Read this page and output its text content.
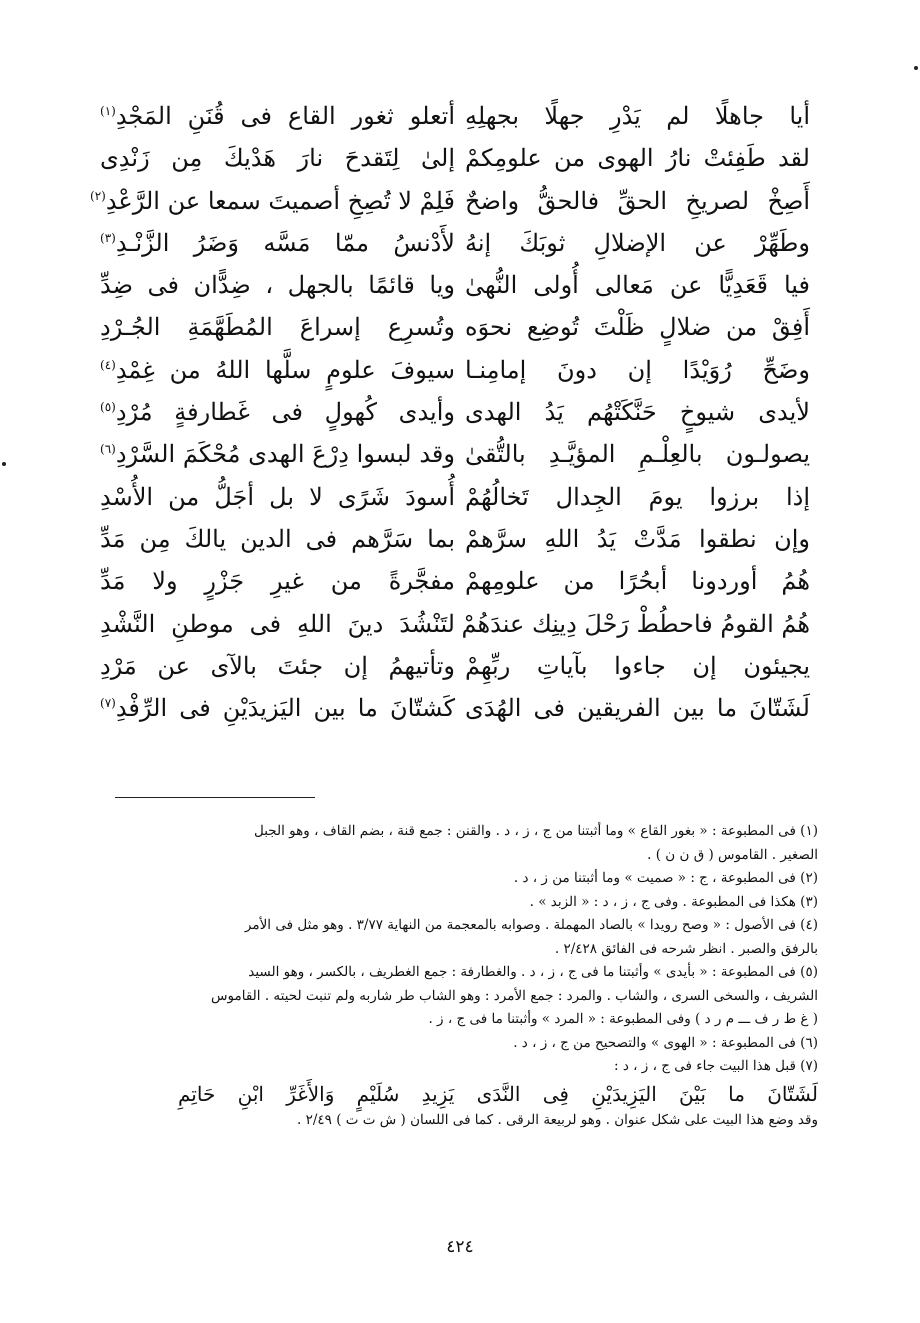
أيا جاهلًا لم يَدْرِ جهلًا بجهلِهِ
أتعلو ثغور القاع فى قُنَنِ المَجْدِ$^{(١)}$
لقد طَفِئتْ نارُ الهوى من علومِكمْ
إلىٰ لِتَقدحَ نارَ هَدْيكَ مِن زَنْدِى
أَصِخْ لصريخِ الحقِّ فالحقُّ واضحٌ
فَلِمْ لا تُصِخِ أصميتَ سمعا عن الرَّعْدِ$^{(٢)}$
وطَهِّرْ عن الإضلالِ ثوبَكَ إنهُ
لأَدْنسُ ممّا مَسَّه وَضَرُ الزَّنْـدِ$^{(٣)}$
فيا قَعَدِيًّا عن مَعالى أُولى النُّهىٰ
ويا قائمًا بالجهل ، ضِدًّان فى ضِدِّ
أَفِقْ من ضلالٍ ظَلْتَ تُوضِع نحوَه
وتُسرِع إسراعَ المُطَهَّمَةِ الجُـرْدِ
وضَحِّ رُوَيْدًا إن دونَ إمامِنـا
سيوفَ علومٍ سلَّها اللهُ من غِمْدِ$^{(٤)}$
لأيدى شيوخٍ حَنَّكَتْهُم يَدُ الهدى
وأيدى كُهولٍ فى غَطارفةٍ مُرْدِ$^{(٥)}$
يصولـون بالعِلْـمِ المؤيَّـدِ بالتُّقىٰ
وقد لبسوا دِرْعَ الهدى مُحْكَمَ السَّرْدِ$^{(٦)}$
إذا برزوا يومَ الجِدال تَخالُهُمْ
أُسودَ شَرًى لا بل أجَلُّ من الأُسْدِ
وإن نطقوا مَدَّتْ يَدُ اللهِ سرَّهمْ
بما سَرَّهم فى الدين يالكَ مِن مَدِّ
هُمُ أوردونا أبحُرًا من علومِهمْ
مفجَّرةً من غيرِ جَزْرٍ ولا مَدِّ
هُمُ القومُ فاحطُطْ رَحْلَ دِينِك عندَهُمْ
لتَنْشُدَ دينَ اللهِ فى موطنِ النَّشْدِ
يجيئون إن جاءوا بآياتِ ربِّهِمْ
وتأتيهمُ إن جئتَ بالآى عن مَرْدِ
لَشَتّانَ ما بين الفريقين فى الهُدَى
كَشتّانَ ما بين اليَزيدَيْنِ فى الرِّفْدِ$^{(٧)}$
(١) فى المطبوعة : « بغور القاع » وما أثبتنا من ج ، ز ، د . والقنن : جمع قنة ، بضم القاف ، وهو الجبل
الصغير . القاموس ( ق ن ن ) .
(٢) فى المطبوعة ، ج : « صميت » وما أثبتنا من ز ، د .
(٣) هكذا فى المطبوعة . وفى ج ، ز ، د : « الزبد » .
(٤) فى الأصول : « وصح رويدا » بالصاد المهملة . وصوابه بالمعجمة من النهاية ٣/٧٧ . وهو مثل فى الأمر
بالرفق والصبر . انظر شرحه فى الفائق ٢/٤٢٨ .
(٥) فى المطبوعة : « بأيدى » وأثبتنا ما فى ج ، ز ، د . والغطارفة : جمع الغطريف ، بالكسر ، وهو السيد
الشريف ، والسخى السرى ، والشاب . والمرد : جمع الأمرد : وهو الشاب طر شاربه ولم تنبت لحيته . القاموس
( غ ط ر ف ـــ م ر د ) وفى المطبوعة : « المرد » وأثبتنا ما فى ج ، ز .
(٦) فى المطبوعة : « الهوى » والتصحيح من ج ، ز ، د .
(٧) قبل هذا البيت جاء فى ج ، ز ، د :
لَشَتّانَ ما بَيْنَ اليَزِيدَيْنِ فِى النَّدَى يَزِيدِ سُلَيْمٍ وَالأَغَرِّ ابْنِ حَاتِمِ
وقد وضع هذا البيت على شكل عنوان . وهو لربيعة الرقى . كما فى اللسان ( ش ت ت ) ٢/٤٩ .
٤٢٤
